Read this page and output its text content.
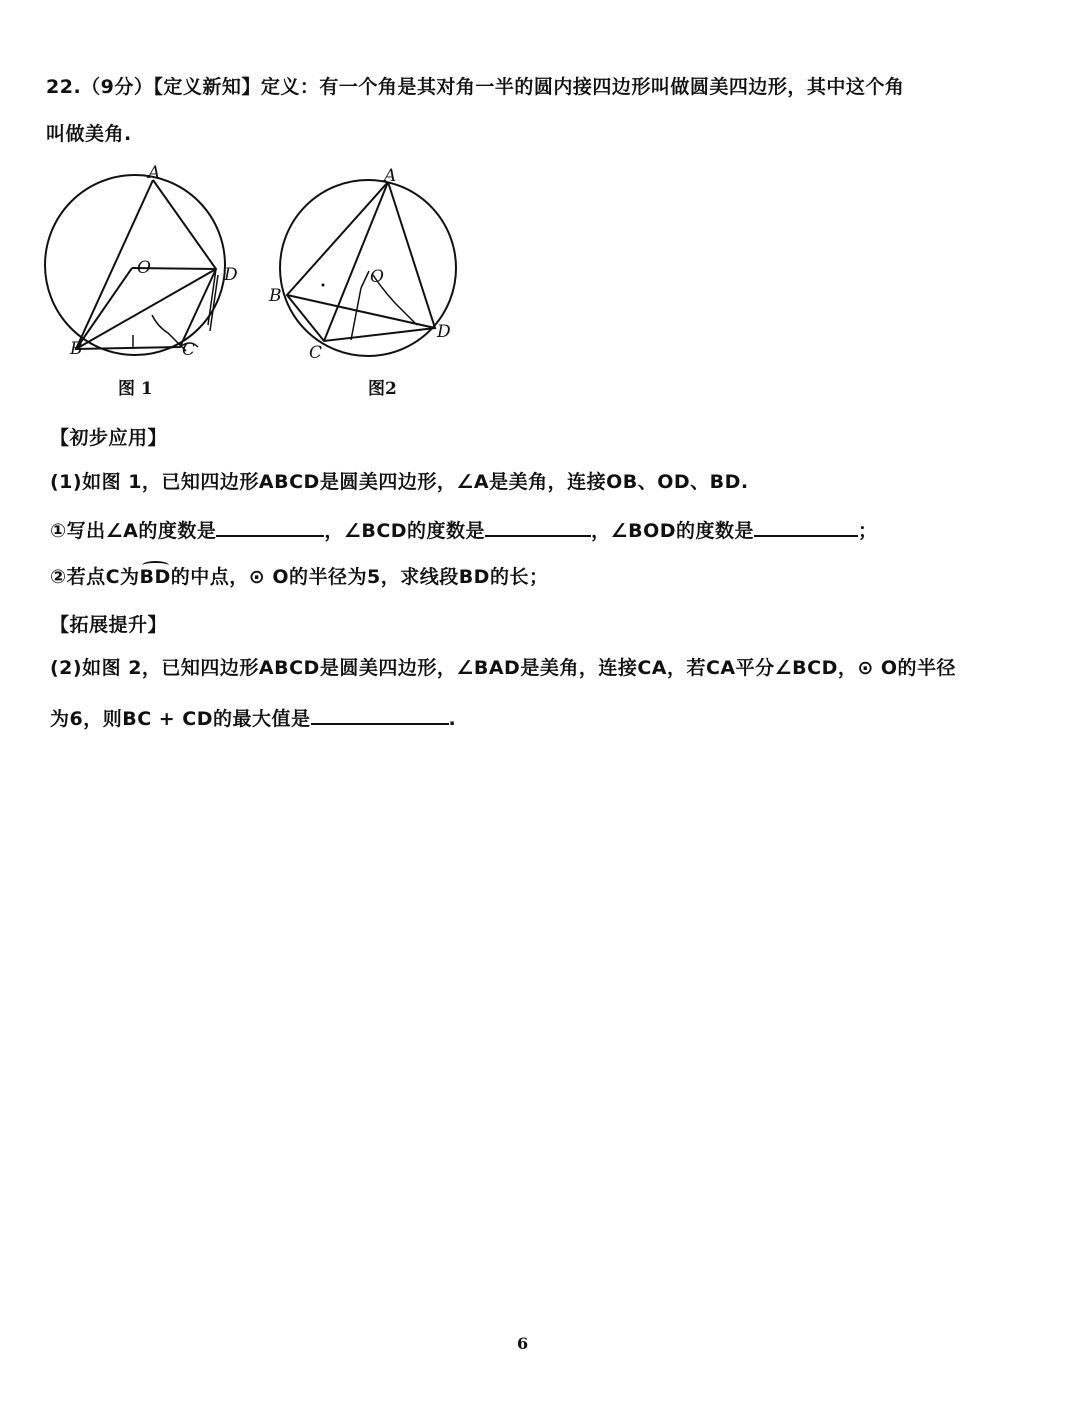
22.（9分）【定义新知】定义：有一个角是其对角一半的圆内接四边形叫做圆美四边形，其中这个角
叫做美角.
A
B	C
D
O
图 1
A
B
C
D
O
图2
【初步应用】
(1)如图 1，已知四边形ABCD是圆美四边形，∠A是美角，连接OB、OD、BD.
①写出∠A的度数是	，∠BCD的度数是	，∠BOD的度数是	；
②若点C为BD的中点，⊙ O的半径为5，求线段BD的长；
【拓展提升】
(2)如图 2，已知四边形ABCD是圆美四边形，∠BAD是美角，连接CA，若CA平分∠BCD，⊙ O的半径
为6，则BC + CD的最大值是	.
6
